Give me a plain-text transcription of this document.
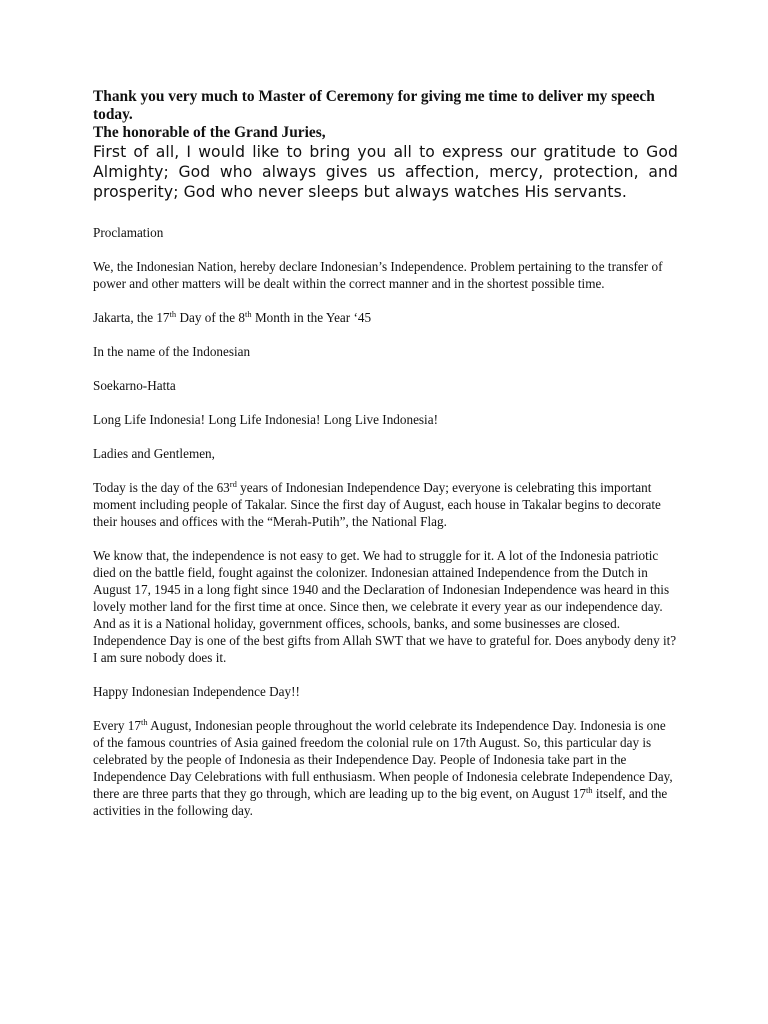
Thank you very much to Master of Ceremony for giving me time to deliver my speech today.

The honorable of the Grand Juries,

First of all, I would like to bring you all to express our gratitude to God Almighty; God who always gives us affection, mercy, protection, and prosperity; God who never sleeps but always watches His servants.

Proclamation

We, the Indonesian Nation, hereby declare Indonesian’s Independence. Problem pertaining to the transfer of power and other matters will be dealt within the correct manner and in the shortest possible time.

Jakarta, the 17th Day of the 8th Month in the Year ‘45

In the name of the Indonesian

Soekarno-Hatta

Long Life Indonesia! Long Life Indonesia! Long Live Indonesia!

Ladies and Gentlemen,

Today is the day of the 63rd years of Indonesian Independence Day; everyone is celebrating this important moment including people of Takalar. Since the first day of August, each house in Takalar begins to decorate their houses and offices with the “Merah-Putih”, the National Flag.

We know that, the independence is not easy to get. We had to struggle for it. A lot of the Indonesia patriotic died on the battle field, fought against the colonizer. Indonesian attained Independence from the Dutch in August 17, 1945 in a long fight since 1940 and the Declaration of Indonesian Independence was heard in this lovely mother land for the first time at once. Since then, we celebrate it every year as our independence day. And as it is a National holiday, government offices, schools, banks, and some businesses are closed. Independence Day is one of the best gifts from Allah SWT that we have to grateful for. Does anybody deny it? I am sure nobody does it.

Happy Indonesian Independence Day!!

Every 17th August, Indonesian people throughout the world celebrate its Independence Day. Indonesia is one of the famous countries of Asia gained freedom the colonial rule on 17th August. So, this particular day is celebrated by the people of Indonesia as their Independence Day. People of Indonesia take part in the Independence Day Celebrations with full enthusiasm. When people of Indonesia celebrate Independence Day, there are three parts that they go through, which are leading up to the big event, on August 17th itself, and the activities in the following day.
